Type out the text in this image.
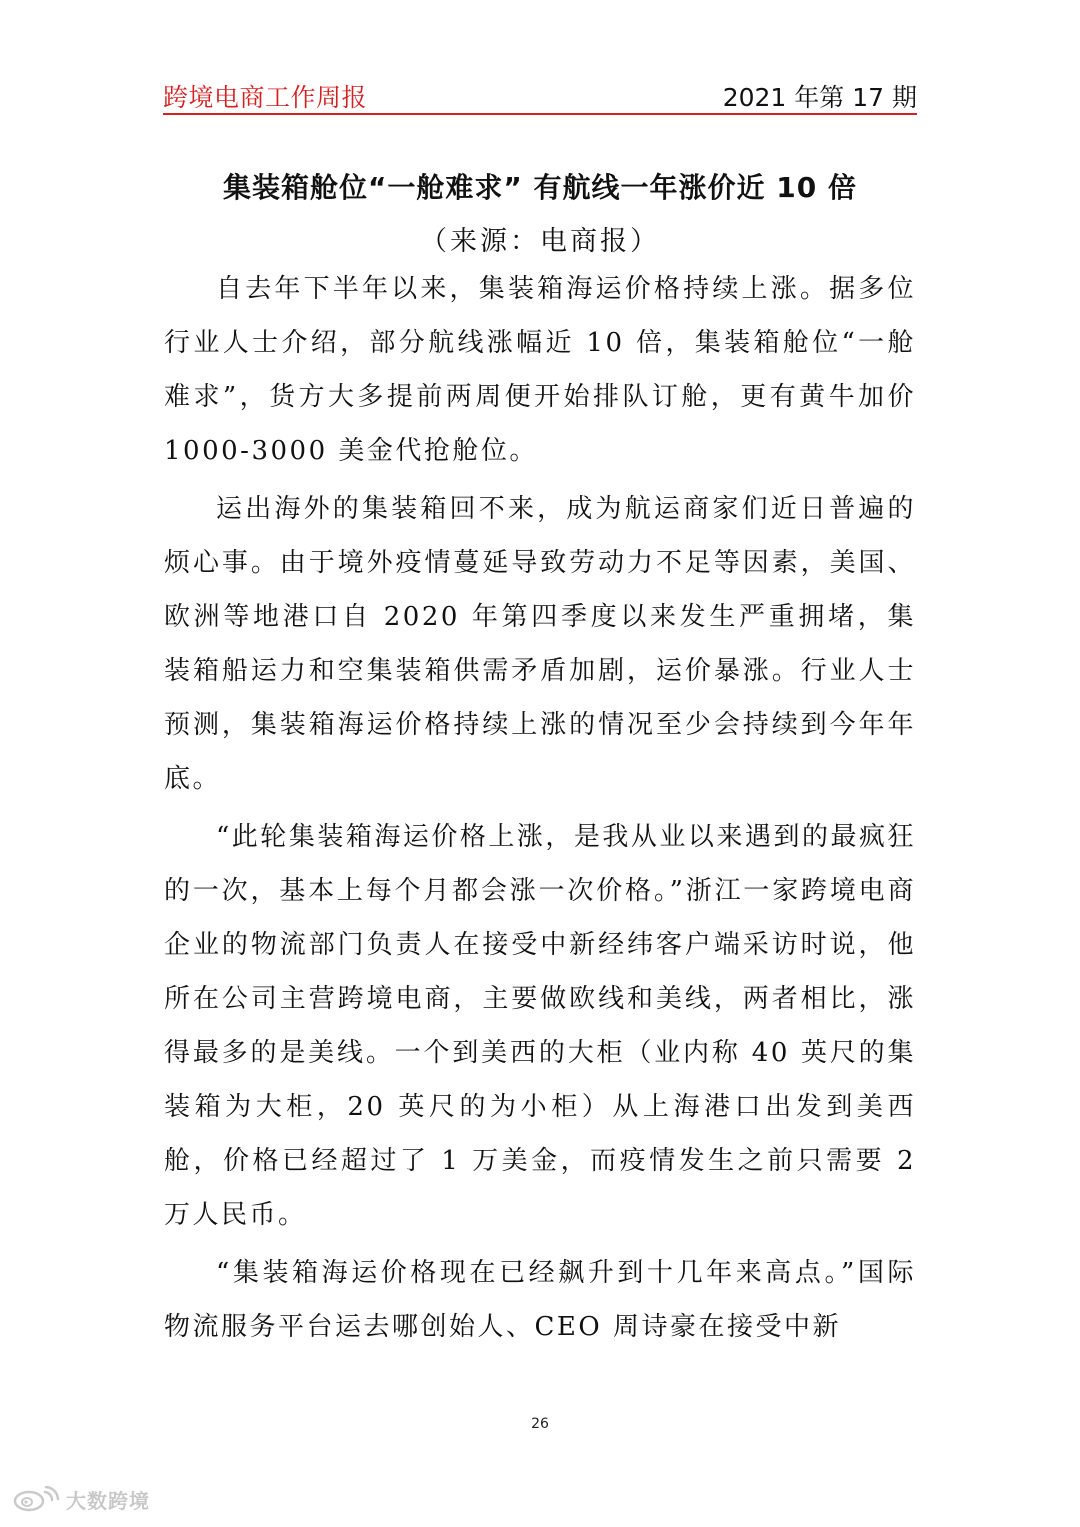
跨境电商工作周报	2021 年第 17 期
集装箱舱位“一舱难求” 有航线一年涨价近 10 倍
（来源：电商报）

自去年下半年以来，集装箱海运价格持续上涨。据多位行业人士介绍，部分航线涨幅近 10 倍，集装箱舱位“一舱难求”，货方大多提前两周便开始排队订舱，更有黄牛加价 1000-3000 美金代抢舱位。

运出海外的集装箱回不来，成为航运商家们近日普遍的烦心事。由于境外疫情蔓延导致劳动力不足等因素，美国、欧洲等地港口自 2020 年第四季度以来发生严重拥堵，集装箱船运力和空集装箱供需矛盾加剧，运价暴涨。行业人士预测，集装箱海运价格持续上涨的情况至少会持续到今年年底。

“此轮集装箱海运价格上涨，是我从业以来遇到的最疯狂的一次，基本上每个月都会涨一次价格。”浙江一家跨境电商企业的物流部门负责人在接受中新经纬客户端采访时说，他所在公司主营跨境电商，主要做欧线和美线，两者相比，涨得最多的是美线。一个到美西的大柜（业内称 40 英尺的集装箱为大柜，20 英尺的为小柜）从上海港口出发到美西舱，价格已经超过了 1 万美金，而疫情发生之前只需要 2 万人民币。

“集装箱海运价格现在已经飙升到十几年来高点。”国际物流服务平台运去哪创始人、CEO 周诗豪在接受中新

26
大数跨境
